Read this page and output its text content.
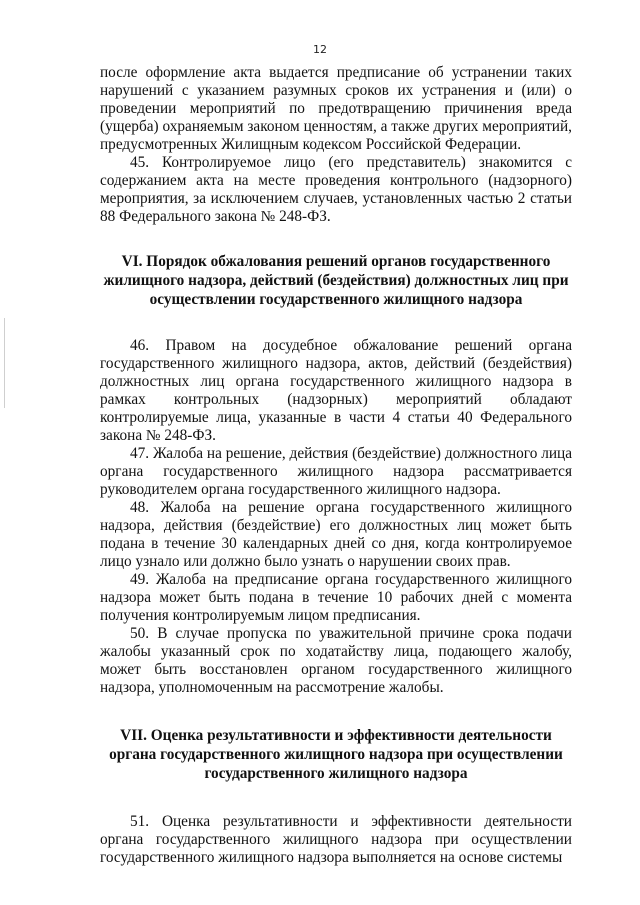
12

после оформление акта выдается предписание об устранении таких нарушений с указанием разумных сроков их устранения и (или) о проведении мероприятий по предотвращению причинения вреда (ущерба) охраняемым законом ценностям, а также других мероприятий, предусмотренных Жилищным кодексом Российской Федерации.

45. Контролируемое лицо (его представитель) знакомится с содержанием акта на месте проведения контрольного (надзорного) мероприятия, за исключением случаев, установленных частью 2 статьи 88 Федерального закона № 248-ФЗ.

VI. Порядок обжалования решений органов государственного жилищного надзора, действий (бездействия) должностных лиц при осуществлении государственного жилищного надзора

46. Правом на досудебное обжалование решений органа государственного жилищного надзора, актов, действий (бездействия) должностных лиц органа государственного жилищного надзора в рамках контрольных (надзорных) мероприятий обладают контролируемые лица, указанные в части 4 статьи 40 Федерального закона № 248-ФЗ.

47. Жалоба на решение, действия (бездействие) должностного лица органа государственного жилищного надзора рассматривается руководителем органа государственного жилищного надзора.

48. Жалоба на решение органа государственного жилищного надзора, действия (бездействие) его должностных лиц может быть подана в течение 30 календарных дней со дня, когда контролируемое лицо узнало или должно было узнать о нарушении своих прав.

49. Жалоба на предписание органа государственного жилищного надзора может быть подана в течение 10 рабочих дней с момента получения контролируемым лицом предписания.

50. В случае пропуска по уважительной причине срока подачи жалобы указанный срок по ходатайству лица, подающего жалобу, может быть восстановлен органом государственного жилищного надзора, уполномоченным на рассмотрение жалобы.

VII. Оценка результативности и эффективности деятельности органа государственного жилищного надзора при осуществлении государственного жилищного надзора

51. Оценка результативности и эффективности деятельности органа государственного жилищного надзора при осуществлении государственного жилищного надзора выполняется на основе системы
